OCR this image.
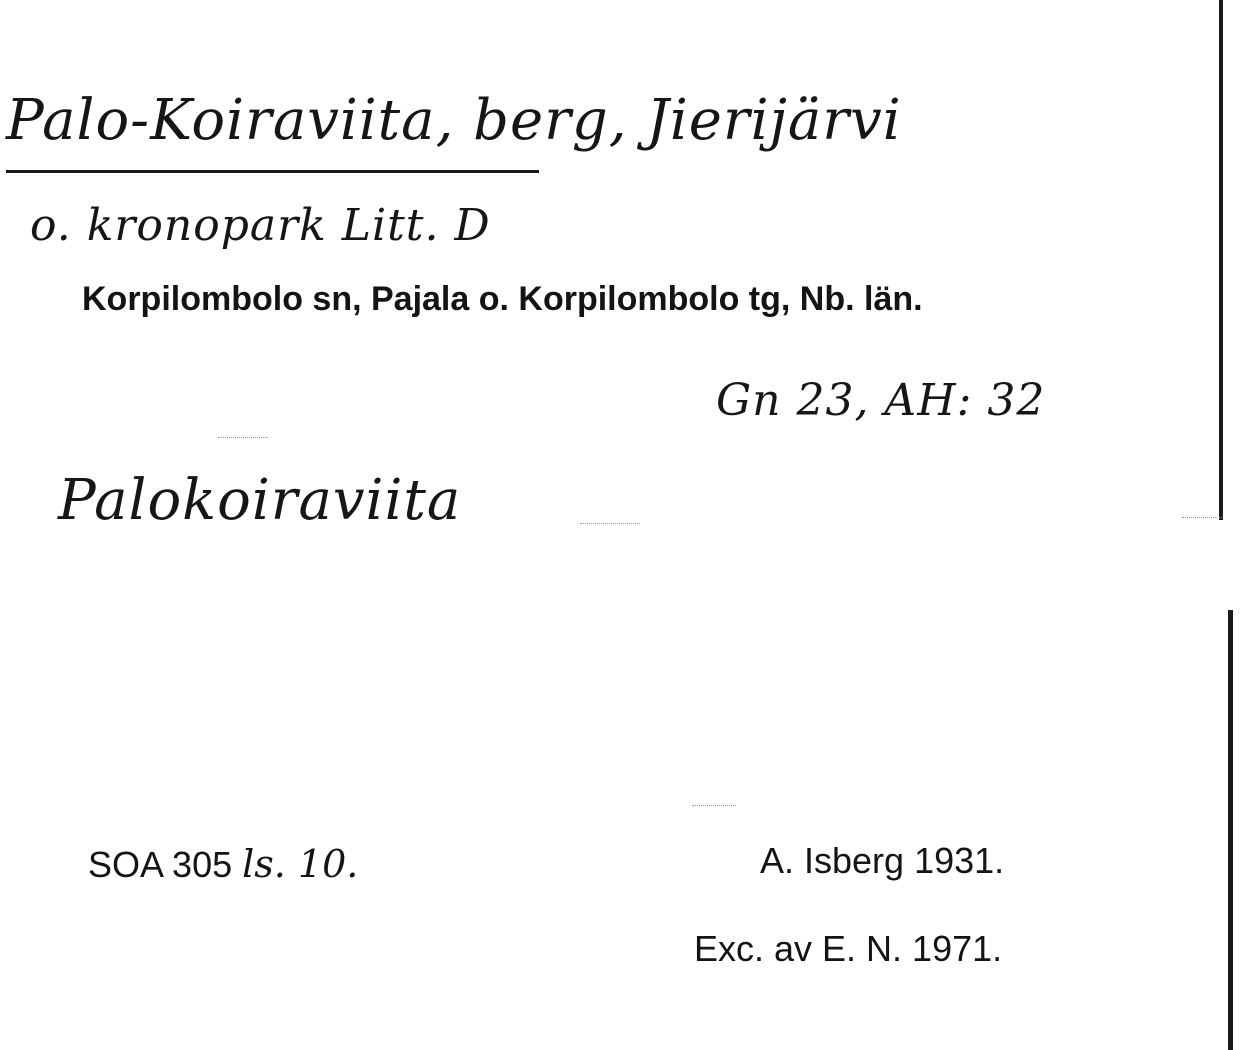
Palo-Koiraviita, berg, Jierijärvi
o. kronopark Litt. D
Korpilombolo sn, Pajala o. Korpilombolo tg, Nb. län.
Gn 23, AH: 32
Palokoiraviita
SOA 305 ls. 10.	A. Isberg 1931.
Exc. av E. N. 1971.
